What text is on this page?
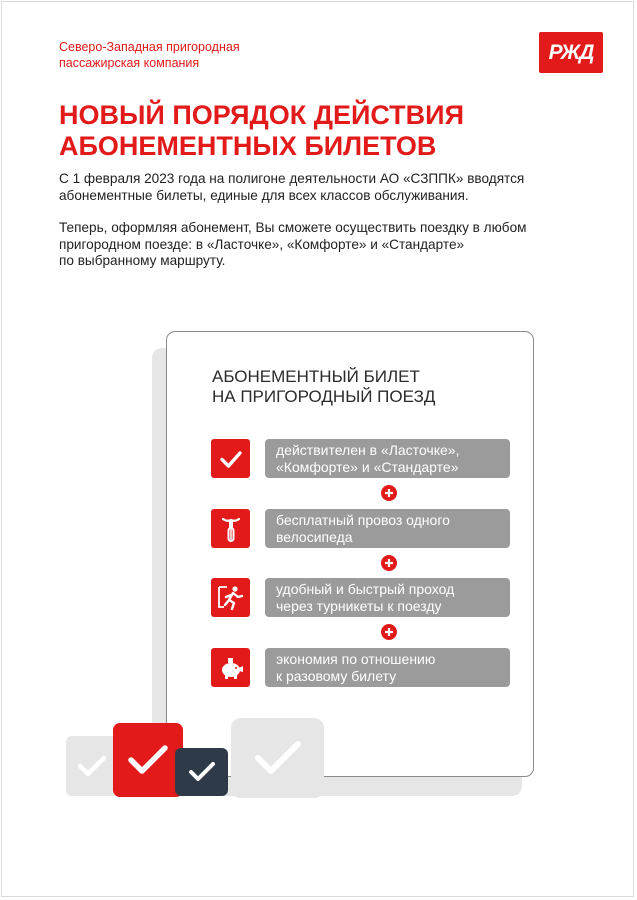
Северо-Западная пригородная
пассажирская компания	РЖД
НОВЫЙ ПОРЯДОК ДЕЙСТВИЯ
АБОНЕМЕНТНЫХ БИЛЕТОВ

С 1 февраля 2023 года на полигоне деятельности АО «СЗППК» вводятся
абонементные билеты, единые для всех классов обслуживания.

Теперь, оформляя абонемент, Вы сможете осуществить поездку в любом
пригородном поезде: в «Ласточке», «Комфорте» и «Стандарте»
по выбранному маршруту.

АБОНЕМЕНТНЫЙ БИЛЕТ
НА ПРИГОРОДНЫЙ ПОЕЗД
действителен в «Ласточке»,
«Комфорте» и «Стандарте»
бесплатный провоз одного
велосипеда
удобный и быстрый проход
через турникеты к поезду
экономия по отношению
к разовому билету
